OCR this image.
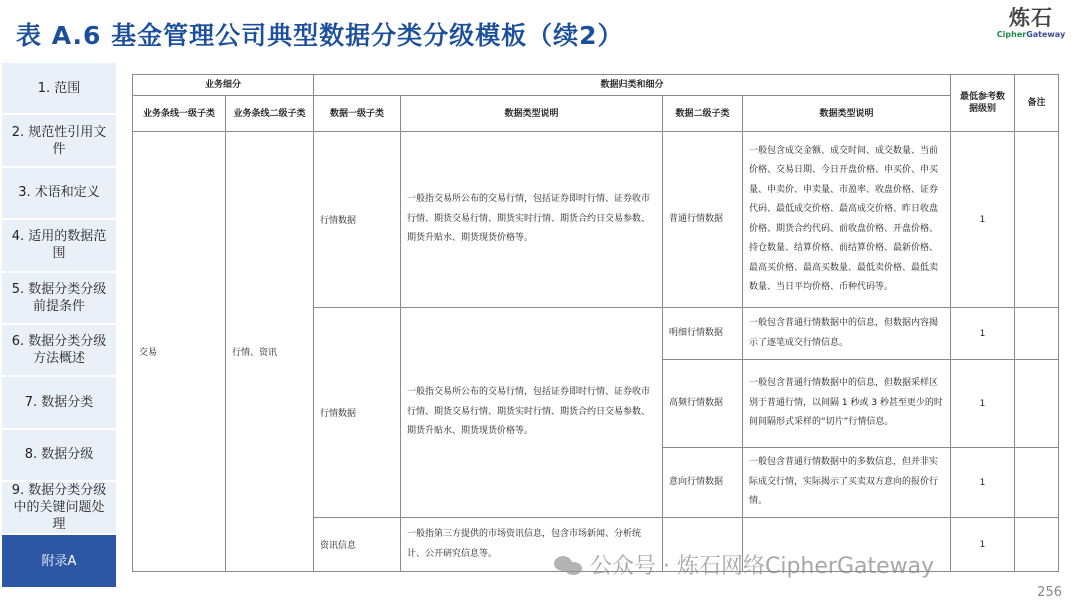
表 A.6 基金管理公司典型数据分类分级模板（续2）
炼石
CipherGateway
1. 范围
2. 规范性引用文件
3. 术语和定义
4. 适用的数据范围
5. 数据分类分级前提条件
6. 数据分类分级方法概述
7. 数据分类
8. 数据分级
9. 数据分类分级中的关键问题处理
附录A
业务细分		数据归类和细分				最低参考数据级别	备注
业务条线一级子类	业务条线二级子类	数据一级子类	数据类型说明	数据二级子类	数据类型说明		
交易	行情、资讯	行情数据	一般指交易所公布的交易行情，包括证券即时行情、证券收市行情、期货交易行情、期货实时行情、期货合约日交易参数、期货升贴水、期货现货价格等。	普通行情数据	一般包含成交金额、成交时间、成交数量、当前价格、交易日期、今日开盘价格、申买价、申买量、申卖价、申卖量、市盈率、收盘价格、证券代码、最低成交价格、最高成交价格、昨日收盘价格、期货合约代码、前收盘价格、开盘价格、持仓数量、结算价格、前结算价格、最新价格、最高买价格、最高买数量、最低卖价格、最低卖数量、当日平均价格、币种代码等。	1	
		行情数据	一般指交易所公布的交易行情，包括证券即时行情、证券收市行情、期货交易行情、期货实时行情、期货合约日交易参数、期货升贴水、期货现货价格等。	明细行情数据	一般包含普通行情数据中的信息，但数据内容揭示了逐笔成交行情信息。	1	
				高频行情数据	一般包含普通行情数据中的信息，但数据采样区别于普通行情，以间隔 1 秒或 3 秒甚至更少的时间间隔形式采样的“切片”行情信息。	1	
				意向行情数据	一般包含普通行情数据中的多数信息，但并非实际成交行情，实际揭示了买卖双方意向的报价行情。	1	
		资讯信息	一般指第三方提供的市场资讯信息，包含市场新闻、分析统计、公开研究信息等。			1	
公众号 · 炼石网络CipherGateway
256
